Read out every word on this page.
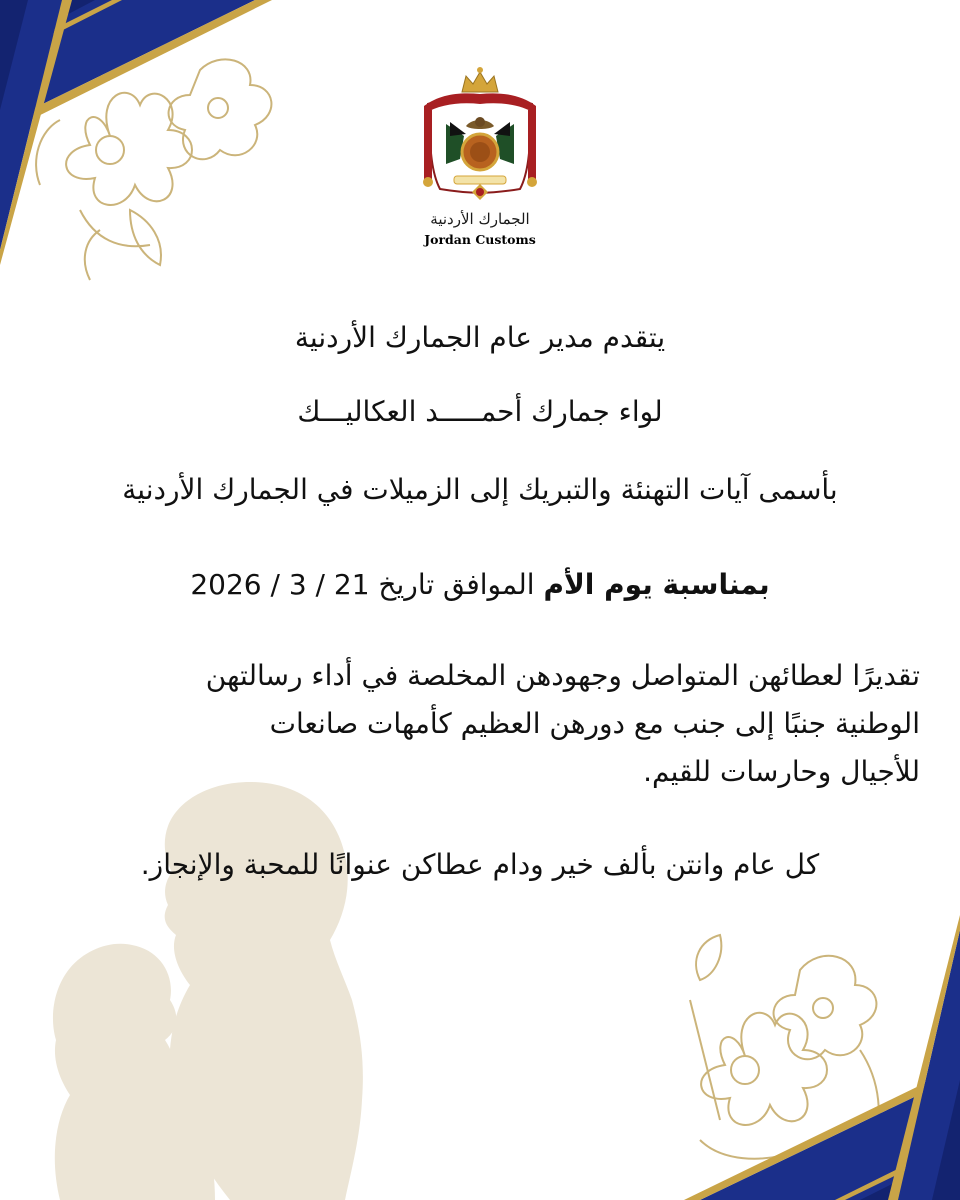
الجمارك الأردنية
Jordan Customs
يتقدم مدير عام الجمارك الأردنية
لواء جمارك أحمـــــد العكاليـــك
بأسمى آيات التهنئة والتبريك إلى الزميلات في الجمارك الأردنية
بمناسبة يوم الأم الموافق تاريخ 21 / 3 / 2026
تقديرًا لعطائهن المتواصل وجهودهن المخلصة في أداء رسالتهن
الوطنية جنبًا إلى جنب مع دورهن العظيم كأمهات صانعات
للأجيال وحارسات للقيم.
كل عام وانتن بألف خير ودام عطاكن عنوانًا للمحبة والإنجاز.
